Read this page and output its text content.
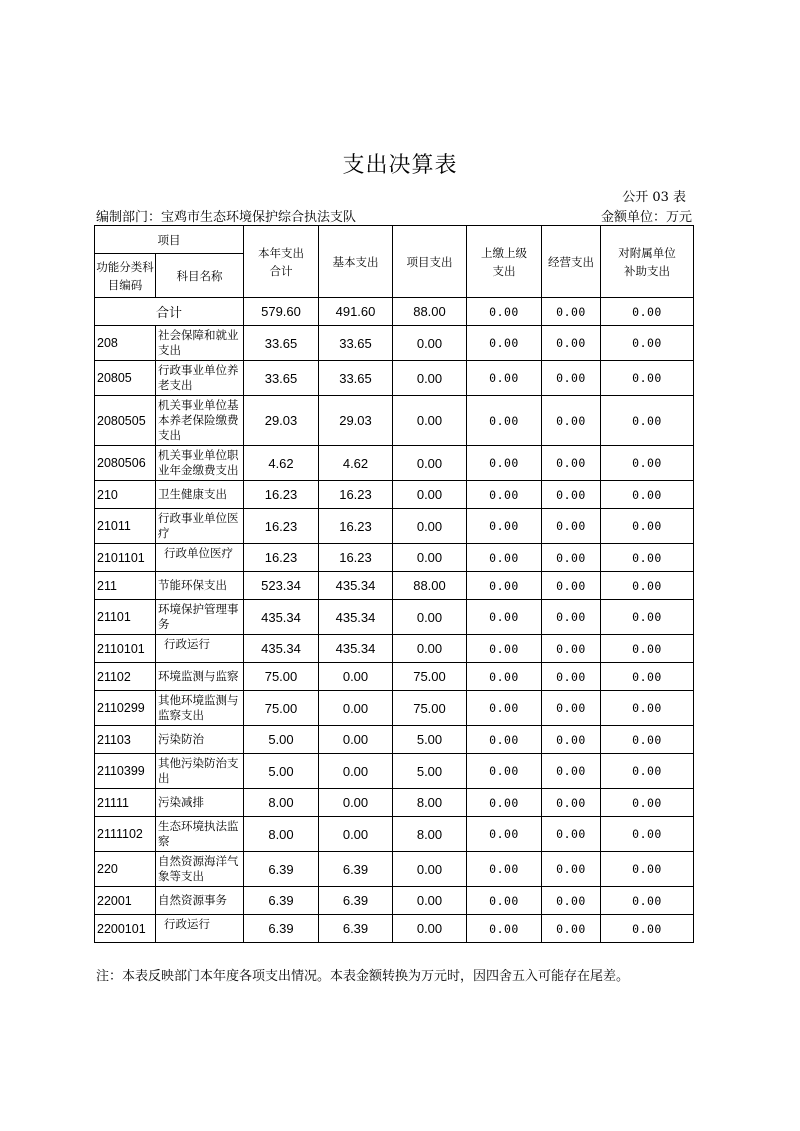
支出决算表
公开 03 表
编制部门：宝鸡市生态环境保护综合执法支队	金额单位：万元
项目		本年支出合计	基本支出	项目支出	上缴上级支出	经营支出	对附属单位补助支出
功能分类科目编码	科目名称						
合计		579.60	491.60	88.00	0.00	0.00	0.00
208	社会保障和就业支出	33.65	33.65	0.00	0.00	0.00	0.00
20805	行政事业单位养老支出	33.65	33.65	0.00	0.00	0.00	0.00
2080505	机关事业单位基本养老保险缴费支出	29.03	29.03	0.00	0.00	0.00	0.00
2080506	机关事业单位职业年金缴费支出	4.62	4.62	0.00	0.00	0.00	0.00
210	卫生健康支出	16.23	16.23	0.00	0.00	0.00	0.00
21011	行政事业单位医疗	16.23	16.23	0.00	0.00	0.00	0.00
2101101	行政单位医疗	16.23	16.23	0.00	0.00	0.00	0.00
211	节能环保支出	523.34	435.34	88.00	0.00	0.00	0.00
21101	环境保护管理事务	435.34	435.34	0.00	0.00	0.00	0.00
2110101	行政运行	435.34	435.34	0.00	0.00	0.00	0.00
21102	环境监测与监察	75.00	0.00	75.00	0.00	0.00	0.00
2110299	其他环境监测与监察支出	75.00	0.00	75.00	0.00	0.00	0.00
21103	污染防治	5.00	0.00	5.00	0.00	0.00	0.00
2110399	其他污染防治支出	5.00	0.00	5.00	0.00	0.00	0.00
21111	污染减排	8.00	0.00	8.00	0.00	0.00	0.00
2111102	生态环境执法监察	8.00	0.00	8.00	0.00	0.00	0.00
220	自然资源海洋气象等支出	6.39	6.39	0.00	0.00	0.00	0.00
22001	自然资源事务	6.39	6.39	0.00	0.00	0.00	0.00
2200101	行政运行	6.39	6.39	0.00	0.00	0.00	0.00
注：本表反映部门本年度各项支出情况。本表金额转换为万元时，因四舍五入可能存在尾差。
